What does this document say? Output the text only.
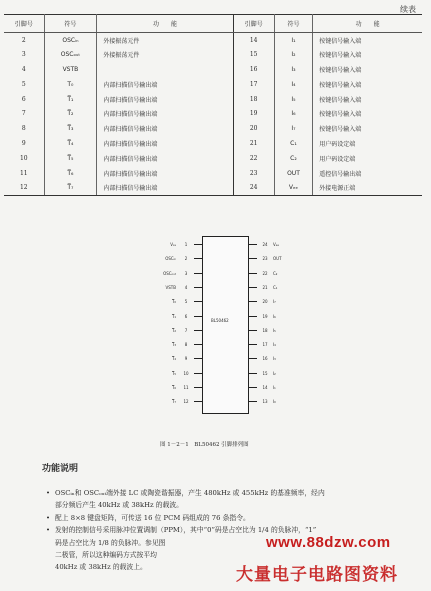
续表
引脚号	符号	功　　能	引脚号	符号	功　　能
2	OSCᵢₙ	外接振荡元件	14	I₁	按键信号输入端
3	OSCₒᵤₜ	外接振荡元件	15	I₂	按键信号输入端
4	VSTB		16	I₃	按键信号输入端
5	T₀	内部扫描信号输出端	17	I₄	按键信号输入端
6	T̅₁	内部扫描信号输出端	18	I₅	按键信号输入端
7	T̅₂	内部扫描信号输出端	19	I₆	按键信号输入端
8	T̅₃	内部扫描信号输出端	20	I₇	按键信号输入端
9	T̅₄	内部扫描信号输出端	21	C₁	用户码设定端
10	T̅₅	内部扫描信号输出端	22	C₂	用户码设定端
11	T̅₆	内部扫描信号输出端	23	OUT	遥控信号输出端
12	T̅₇	内部扫描信号输出端	24	Vₑₑ	外接电源正端
BL50462
Vₛₛ	1
OSCᵢₙ	2
OSCₒᵤₜ	3
VSTB	4
T̅₀	5
T̅₁	6
T̅₂	7
T̅₃	8
T̅₄	9
T̅₅	10
T̅₆	11
T̅₇	12
24	Vₑₑ
23	OUT
22	C₂
21	C₁
20	I₇
19	I₆
18	I₅
17	I₄
16	I₃
15	I₂
14	I₁
13	I₀
图 1－2－1　BL50462 引脚排列图
功能说明
• OSCᵢₙ和 OSCₒᵤₜ端外接 LC 或陶瓷谐振器，产生 480kHz 或 455kHz 的基准频率，经内
部分频后产生 40kHz 或 38kHz 的载波。
• 配上 8×8 键盘矩阵，可传送 16 位 PCM 码组成的 76 条指令。
• 发射的控制信号采用脉冲位置调制（PPM），其中“0”码是占空比为 1/4 的负脉冲，“1”
码是占空比为 1/8 的负脉冲。参见图
二极管，所以这种编码方式按平均
40kHz 或 38kHz 的载波上。
www.88dzw.com
大量电子电路图资料
